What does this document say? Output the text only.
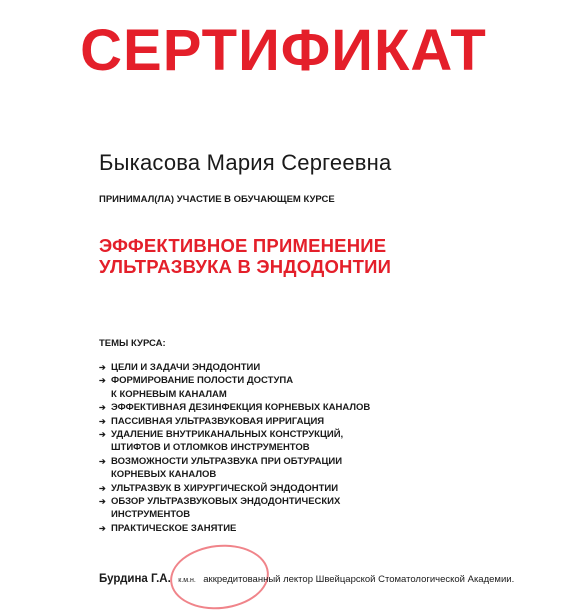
СЕРТИФИКАТ
Быкасова Мария Сергеевна
ПРИНИМАЛ(ЛА) УЧАСТИЕ В ОБУЧАЮЩЕМ КУРСЕ
ЭФФЕКТИВНОЕ ПРИМЕНЕНИЕ
УЛЬТРАЗВУКА В ЭНДОДОНТИИ
ТЕМЫ КУРСА:
➔ ЦЕЛИ И ЗАДАЧИ ЭНДОДОНТИИ
➔ ФОРМИРОВАНИЕ ПОЛОСТИ ДОСТУПА
К КОРНЕВЫМ КАНАЛАМ
➔ ЭФФЕКТИВНАЯ ДЕЗИНФЕКЦИЯ КОРНЕВЫХ КАНАЛОВ
➔ ПАССИВНАЯ УЛЬТРАЗВУКОВАЯ ИРРИГАЦИЯ
➔ УДАЛЕНИЕ ВНУТРИКАНАЛЬНЫХ КОНСТРУКЦИЙ,
ШТИФТОВ И ОТЛОМКОВ ИНСТРУМЕНТОВ
➔ ВОЗМОЖНОСТИ УЛЬТРАЗВУКА ПРИ ОБТУРАЦИИ
КОРНЕВЫХ КАНАЛОВ
➔ УЛЬТРАЗВУК В ХИРУРГИЧЕСКОЙ ЭНДОДОНТИИ
➔ ОБЗОР УЛЬТРАЗВУКОВЫХ ЭНДОДОНТИЧЕСКИХ
ИНСТРУМЕНТОВ
➔ ПРАКТИЧЕСКОЕ ЗАНЯТИЕ
Бурдина Г.А. к.м.н. аккредитованный лектор Швейцарской Стоматологической Академии.
